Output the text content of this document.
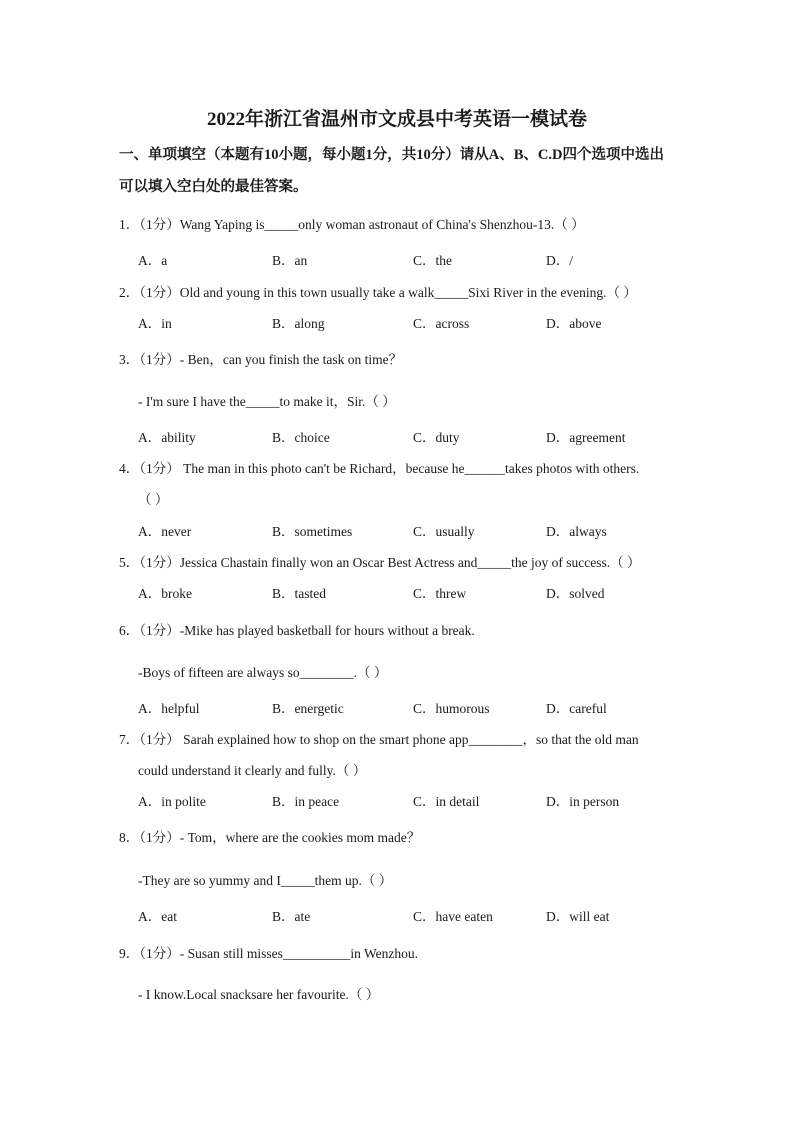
2022年浙江省温州市文成县中考英语一模试卷
一、单项填空（本题有10小题，每小题1分，共10分）请从A、B、C.D四个选项中选出
可以填入空白处的最佳答案。
1．（1分）Wang Yaping is_____only woman astronaut of China's Shenzhou-13.（ ）
A．a	B．an	C．the	D．/
2．（1分）Old and young in this town usually take a walk_____Sixi River in the evening.（ ）
A．in	B．along	C．across	D．above
3．（1分）- Ben，can you finish the task on time？
- I'm sure I have the_____to make it，Sir.（ ）
A．ability	B．choice	C．duty	D．agreement
4．（1分） The man in this photo can't be Richard，because he______takes photos with others.
（ ）
A．never	B．sometimes	C．usually	D．always
5．（1分）Jessica Chastain finally won an Oscar Best Actress and_____the joy of success.（ ）
A．broke	B．tasted	C．threw	D．solved
6．（1分）-Mike has played basketball for hours without a break.
-Boys of fifteen are always so________.（ ）
A．helpful	B．energetic	C．humorous	D．careful
7．（1分） Sarah explained how to shop on the smart phone app________，so that the old man
could understand it clearly and fully.（ ）
A．in polite	B．in peace	C．in detail	D．in person
8．（1分）- Tom，where are the cookies mom made？
-They are so yummy and I_____them up.（ ）
A．eat	B．ate	C．have eaten	D．will eat
9．（1分）- Susan still misses__________in Wenzhou.
- I know.Local snacksare her favourite.（ ）
